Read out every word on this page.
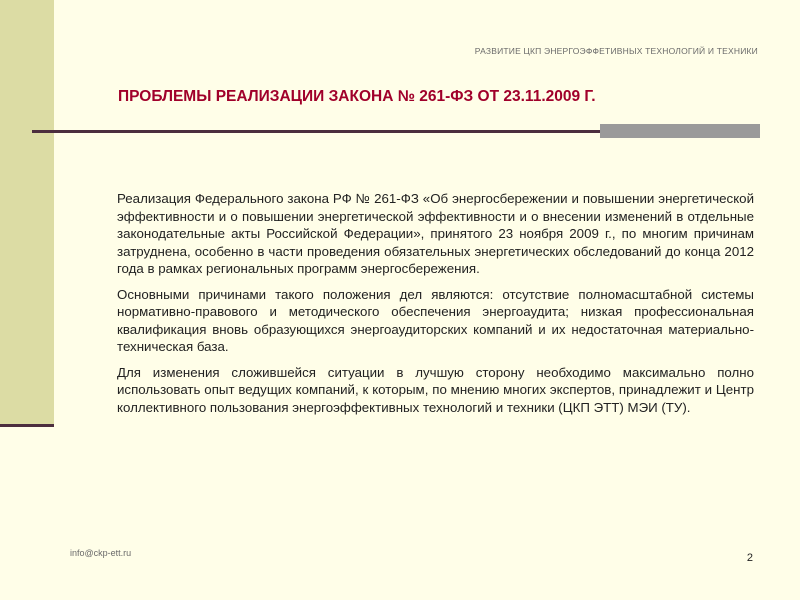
РАЗВИТИЕ ЦКП ЭНЕРГОЭФФЕТИВНЫХ ТЕХНОЛОГИЙ И ТЕХНИКИ
ПРОБЛЕМЫ РЕАЛИЗАЦИИ ЗАКОНА № 261-ФЗ ОТ 23.11.2009 Г.

Реализация Федерального закона РФ № 261-ФЗ «Об энергосбережении и повышении энергетической эффективности и о повышении энергетической эффективности и о внесении изменений в отдельные законодательные акты Российской Федерации», принятого 23 ноября 2009 г., по многим причинам затруднена, особенно в части проведения обязательных энергетических обследований до конца 2012 года в рамках региональных программ энергосбережения.

Основными причинами такого положения дел являются: отсутствие полномасштабной системы нормативно-правового и методического обеспечения энергоаудита; низкая профессиональная квалификация вновь образующихся энергоаудиторских компаний и их недостаточная материально-техническая база.

Для изменения сложившейся ситуации в лучшую сторону необходимо максимально полно использовать опыт ведущих компаний, к которым, по мнению многих экспертов, принадлежит и Центр коллективного пользования энергоэффективных технологий и техники (ЦКП ЭТТ) МЭИ (ТУ).

info@ckp-ett.ru	2
